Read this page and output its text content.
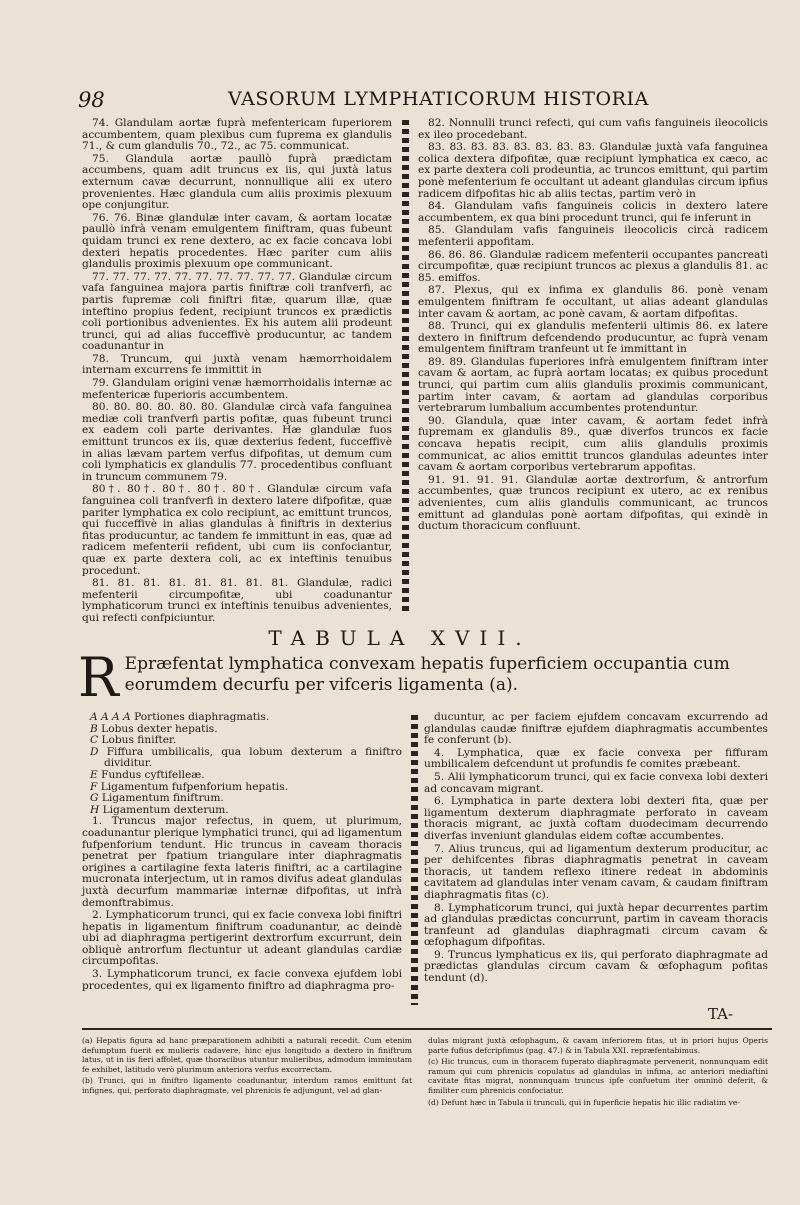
98	VASORUM LYMPHATICORUM HISTORIA

74. Glandulam aortæ fuprà mefentericam fuperiorem accumbentem, quam plexibus cum fuprema ex glandulis 71., & cum glandulis 70., 72., ac 75. communicat.

75. Glandula aortæ paullò fuprà prædictam accumbens, quam adit truncus ex iis, qui juxtà latus externum cavæ decurrunt, nonnullique alii ex utero provenientes. Hæc glandula cum aliis proximis plexuum ope conjungitur.

76. 76. Binæ glandulæ inter cavam, & aortam locatæ paullò infrà venam emulgentem finiftram, quas fubeunt quidam trunci ex rene dextero, ac ex facie concava lobi dexteri hepatis procedentes. Hæc pariter cum aliis glandulis proximis plexuum ope communicant.

77. 77. 77. 77. 77. 77. 77. 77. 77. 77. Glandulæ circum vafa fanguinea majora partis finiftræ coli tranfverfi, ac partis fupremæ coli finiftri fitæ, quarum illæ, quæ inteftino propius fedent, recipiunt truncos ex prædictis coli portionibus advenientes. Ex his autem alii prodeunt trunci, qui ad alias fucceffivè producuntur, ac tandem coadunantur in

78. Truncum, qui juxtà venam hæmorrhoidalem internam excurrens fe immittit in

79. Glandulam origini venæ hæmorrhoidalis internæ ac mefentericæ fuperioris accumbentem.

80. 80. 80. 80. 80. 80. Glandulæ circà vafa fanguinea mediæ coli tranfverfi partis pofitæ, quas fubeunt trunci ex eadem coli parte derivantes. Hæ glandulæ fuos emittunt truncos ex iis, quæ dexterius fedent, fucceffivè in alias lævam partem verfus difpofitas, ut demum cum coli lymphaticis ex glandulis 77. procedentibus confluant in truncum communem 79.

80†. 80†. 80†. 80†. 80†. Glandulæ circum vafa fanguinea coli tranfverfi in dextero latere difpofitæ, quæ pariter lymphatica ex colo recipiunt, ac emittunt truncos, qui fucceffivè in alias glandulas à finiftris in dexterius fitas producuntur, ac tandem fe immittunt in eas, quæ ad radicem mefenterii refident, ubi cum iis confociantur, quæ ex parte dextera coli, ac ex inteftinis tenuibus procedunt.

81. 81. 81. 81. 81. 81. 81. 81. Glandulæ, radici mefenterii circumpofitæ, ubi coadunantur lymphaticorum trunci ex inteftinis tenuibus advenientes, qui refecti confpiciuntur.

82. Nonnulli trunci refecti, qui cum vafis fanguineis ileocolicis ex ileo procedebant.

83. 83. 83. 83. 83. 83. 83. 83. Glandulæ juxtà vafa fanguinea colica dextera difpofitæ, quæ recipiunt lymphatica ex cæco, ac ex parte dextera coli prodeuntia, ac truncos emittunt, qui partim ponè mefenterium fe occultant ut adeant glandulas circum ipfius radicem difpofitas hic ab aliis tectas, partim verò in

84. Glandulam vafis fanguineis colicis in dextero latere accumbentem, ex qua bini procedunt trunci, qui fe inferunt in

85. Glandulam vafis fanguineis ileocolicis circà radicem mefenterii appofitam.

86. 86. 86. Glandulæ radicem mefenterii occupantes pancreati circumpofitæ, quæ recipiunt truncos ac plexus a glandulis 81. ac 85. emiffos.

87. Plexus, qui ex infima ex glandulis 86. ponè venam emulgentem finiftram fe occultant, ut alias adeant glandulas inter cavam & aortam, ac ponè cavam, & aortam difpofitas.

88. Trunci, qui ex glandulis mefenterii ultimis 86. ex latere dextero in finiftrum defcendendo producuntur, ac fuprà venam emulgentem finiftram tranfeunt ut fe immittant in

89. 89. Glandulas fuperiores infrà emulgentem finiftram inter cavam & aortam, ac fuprà aortam locatas; ex quibus procedunt trunci, qui partim cum aliis glandulis proximis communicant, partim inter cavam, & aortam ad glandulas corporibus vertebrarum lumbalium accumbentes protenduntur.

90. Glandula, quæ inter cavam, & aortam fedet infrà fupremam ex glandulis 89., quæ diverfos truncos ex facie concava hepatis recipit, cum aliis glandulis proximis communicat, ac alios emittit truncos glandulas adeuntes inter cavam & aortam corporibus vertebrarum appofitas.

91. 91. 91. 91. Glandulæ aortæ dextrorfum, & antrorfum accumbentes, quæ truncos recipiunt ex utero, ac ex renibus advenientes, cum aliis glandulis communicant, ac truncos emittunt ad glandulas ponè aortam difpofitas, qui exindè in ductum thoracicum confluunt.

TABULA XVII.
R Epræfentat lymphatica convexam hepatis fuperficiem occupantia cum eorumdem decurfu per vifceris ligamenta (a).
A A A A Portiones diaphragmatis.
B Lobus dexter hepatis.
C Lobus finifter.
D Fiffura umbilicalis, qua lobum dexterum a finiftro dividitur.
E Fundus cyftifelleæ.
F Ligamentum fufpenforium hepatis.
G Ligamentum finiftrum.
H Ligamentum dexterum.

1. Truncus major refectus, in quem, ut plurimum, coadunantur plerique lymphatici trunci, qui ad ligamentum fufpenforium tendunt. Hic truncus in caveam thoracis penetrat per fpatium triangulare inter diaphragmatis origines a cartilagine fexta lateris finiftri, ac a cartilagine mucronata interjectum, ut in ramos divifus adeat glandulas juxtà decurfum mammariæ internæ difpofitas, ut infrà demonftrabimus.

2. Lymphaticorum trunci, qui ex facie convexa lobi finiftri hepatis in ligamentum finiftrum coadunantur, ac deindè ubi ad diaphragma pertigerint dextrorfum excurrunt, dein obliquè antrorfum flectuntur ut adeant glandulas cardiæ circumpofitas.

3. Lymphaticorum trunci, ex facie convexa ejufdem lobi procedentes, qui ex ligamento finiftro ad diaphragma pro-

ducuntur, ac per faciem ejufdem concavam excurrendo ad glandulas caudæ finiftræ ejufdem diaphragmatis accumbentes fe conferunt (b).

4. Lymphatica, quæ ex facie convexa per fiffuram umbilicalem defcendunt ut profundis fe comites præbeant.

5. Alii lymphaticorum trunci, qui ex facie convexa lobi dexteri ad concavam migrant.

6. Lymphatica in parte dextera lobi dexteri fita, quæ per ligamentum dexterum diaphragmate perforato in caveam thoracis migrant, ac juxtà coftam duodecimam decurrendo diverfas inveniunt glandulas eidem coftæ accumbentes.

7. Alius truncus, qui ad ligamentum dexterum producitur, ac per dehifcentes fibras diaphragmatis penetrat in caveam thoracis, ut tandem reflexo itinere redeat in abdominis cavitatem ad glandulas inter venam cavam, & caudam finiftram diaphragmatis fitas (c).

8. Lymphaticorum trunci, qui juxtà hepar decurrentes partim ad glandulas prædictas concurrunt, partim in caveam thoracis tranfeunt ad glandulas diaphragmati circum cavam & œfophagum difpofitas.

9. Truncus lymphaticus ex iis, qui perforato diaphragmate ad prædictas glandulas circum cavam & œfophagum pofitas tendunt (d).

TA-

(a) Hepatis figura ad hanc præparationem adhibiti a naturali recedit. Cum etenim defumptum fuerit ex mulieris cadavere, hinc ejus longitudo a dextero in finiftrum latus, ut in iis fieri affolet, quæ thoracibus utuntur mulieribus, admodum imminutam fe exhibet, latitudo verò plurimum anteriora verfus excorrectam.

(b) Trunci, qui in finiftro ligamento coadunantur, interdum ramos emittunt fat infignes, qui, perforato diaphragmate, vel phrenicis fe adjungunt, vel ad glan-

dulas migrant juxtà œfophagum, & cavam inferiorem fitas, ut in priori hujus Operis parte fufius defcripfimus (pag. 47.) & in Tabula XXI. repræfentabimus.

(c) Hic truncus, cum in thoracem fuperato diaphragmate pervenerit, nonnunquam edit ramum qui cum phrenicis copulatus ad glandulas in infima, ac anteriori mediaftini cavitate fitas migrat, nonnunquam truncus ipfe confuetum iter omninò deferit, & fimiliter cum phrenicis confociatur.

(d) Defunt hæc in Tabula ii trunculi, qui in fuperficie hepatis hic illic radiatim ve-
